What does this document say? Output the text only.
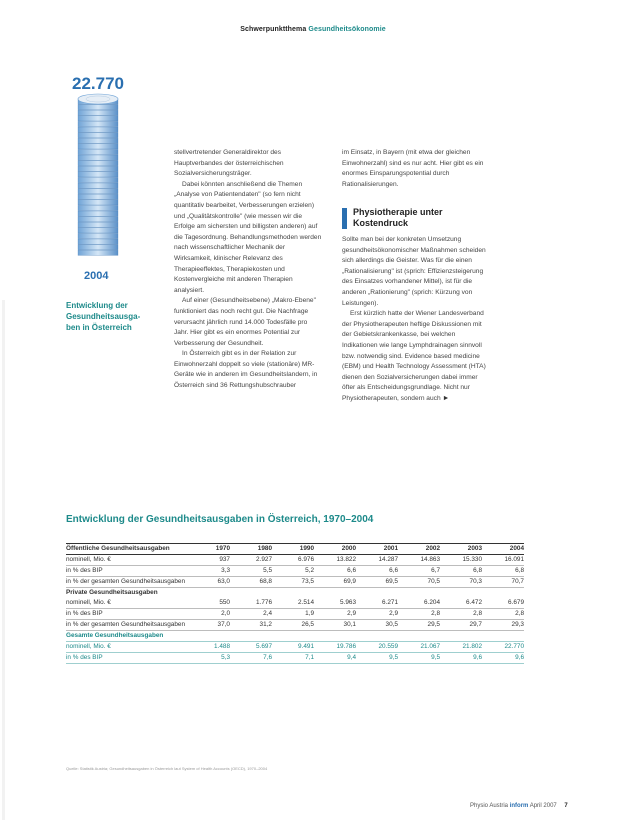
Schwerpunktthema Gesundheitsökonomie
22.770
2004
Entwicklung der
Gesundheitsausga-
ben in Österreich

stellvertretender Generaldirektor des Hauptverbandes der österreichischen Sozialversicherungsträger.

Dabei könnten anschließend die Themen „Analyse von Patientendaten" (so fern nicht quantitativ bearbeitet, Verbesserungen erzielen) und „Qualitätskontrolle" (wie messen wir die Erfolge am sichersten und billigsten anderen) auf die Tagesordnung. Behandlungsmethoden werden nach wissenschaftlicher Mechanik der Wirksamkeit, klinischer Relevanz des Therapieeffektes, Therapiekosten und Kostenvergleiche mit anderen Therapien analysiert.

Auf einer (Gesundheitsebene) „Makro-Ebene" funktioniert das noch recht gut. Die Nachfrage verursacht jährlich rund 14.000 Todesfälle pro Jahr. Hier gibt es ein enormes Potential zur Verbesserung der Gesundheit.

In Österreich gibt es in der Relation zur Einwohnerzahl doppelt so viele (stationäre) MR-Geräte wie in anderen im Gesundheitslandern, in Österreich sind 36 Rettungshubschrauber

im Einsatz, in Bayern (mit etwa der gleichen Einwohnerzahl) sind es nur acht. Hier gibt es ein enormes Einsparungspotential durch Rationalisierungen.

Physiotherapie unter Kostendruck

Sollte man bei der konkreten Umsetzung gesundheitsökonomischer Maßnahmen scheiden sich allerdings die Geister. Was für die einen „Rationalisierung" ist (sprich: Effizienzsteigerung des Einsatzes vorhandener Mittel), ist für die anderen „Rationierung" (sprich: Kürzung von Leistungen).

Erst kürzlich hatte der Wiener Landesverband der Physiotherapeuten heftige Diskussionen mit der Gebietskrankenkasse, bei welchen Indikationen wie lange Lymphdrainagen sinnvoll bzw. notwendig sind. Evidence based medicine (EBM) und Health Technology Assessment (HTA) dienen den Sozialversicherungen dabei immer öfter als Entscheidungsgrundlage. Nicht nur Physiotherapeuten, sondern auch ►

Entwicklung der Gesundheitsausgaben in Österreich, 1970–2004
Öffentliche Gesundheitsausgaben	1970	1980	1990	2000	2001	2002	2003	2004
nominell, Mio. €	937	2.927	6.976	13.822	14.287	14.863	15.330	16.091
in % des BIP	3,3	5,5	5,2	6,6	6,6	6,7	6,8	6,8
in % der gesamten Gesundheitsausgaben	63,0	68,8	73,5	69,9	69,5	70,5	70,3	70,7
Private Gesundheitsausgaben
nominell, Mio. €	550	1.776	2.514	5.963	6.271	6.204	6.472	6.679
in % des BIP	2,0	2,4	1,9	2,9	2,9	2,8	2,8	2,8
in % der gesamten Gesundheitsausgaben	37,0	31,2	26,5	30,1	30,5	29,5	29,7	29,3
Gesamte Gesundheitsausgaben
nominell, Mio. €	1.488	5.697	9.491	19.786	20.559	21.067	21.802	22.770
in % des BIP	5,3	7,6	7,1	9,4	9,5	9,5	9,6	9,6
Quelle: Statistik Austria; Gesundheitsausgaben in Österreich laut System of Health Accounts (OECD), 1970–2004
Physio Austria inform April 2007 7
